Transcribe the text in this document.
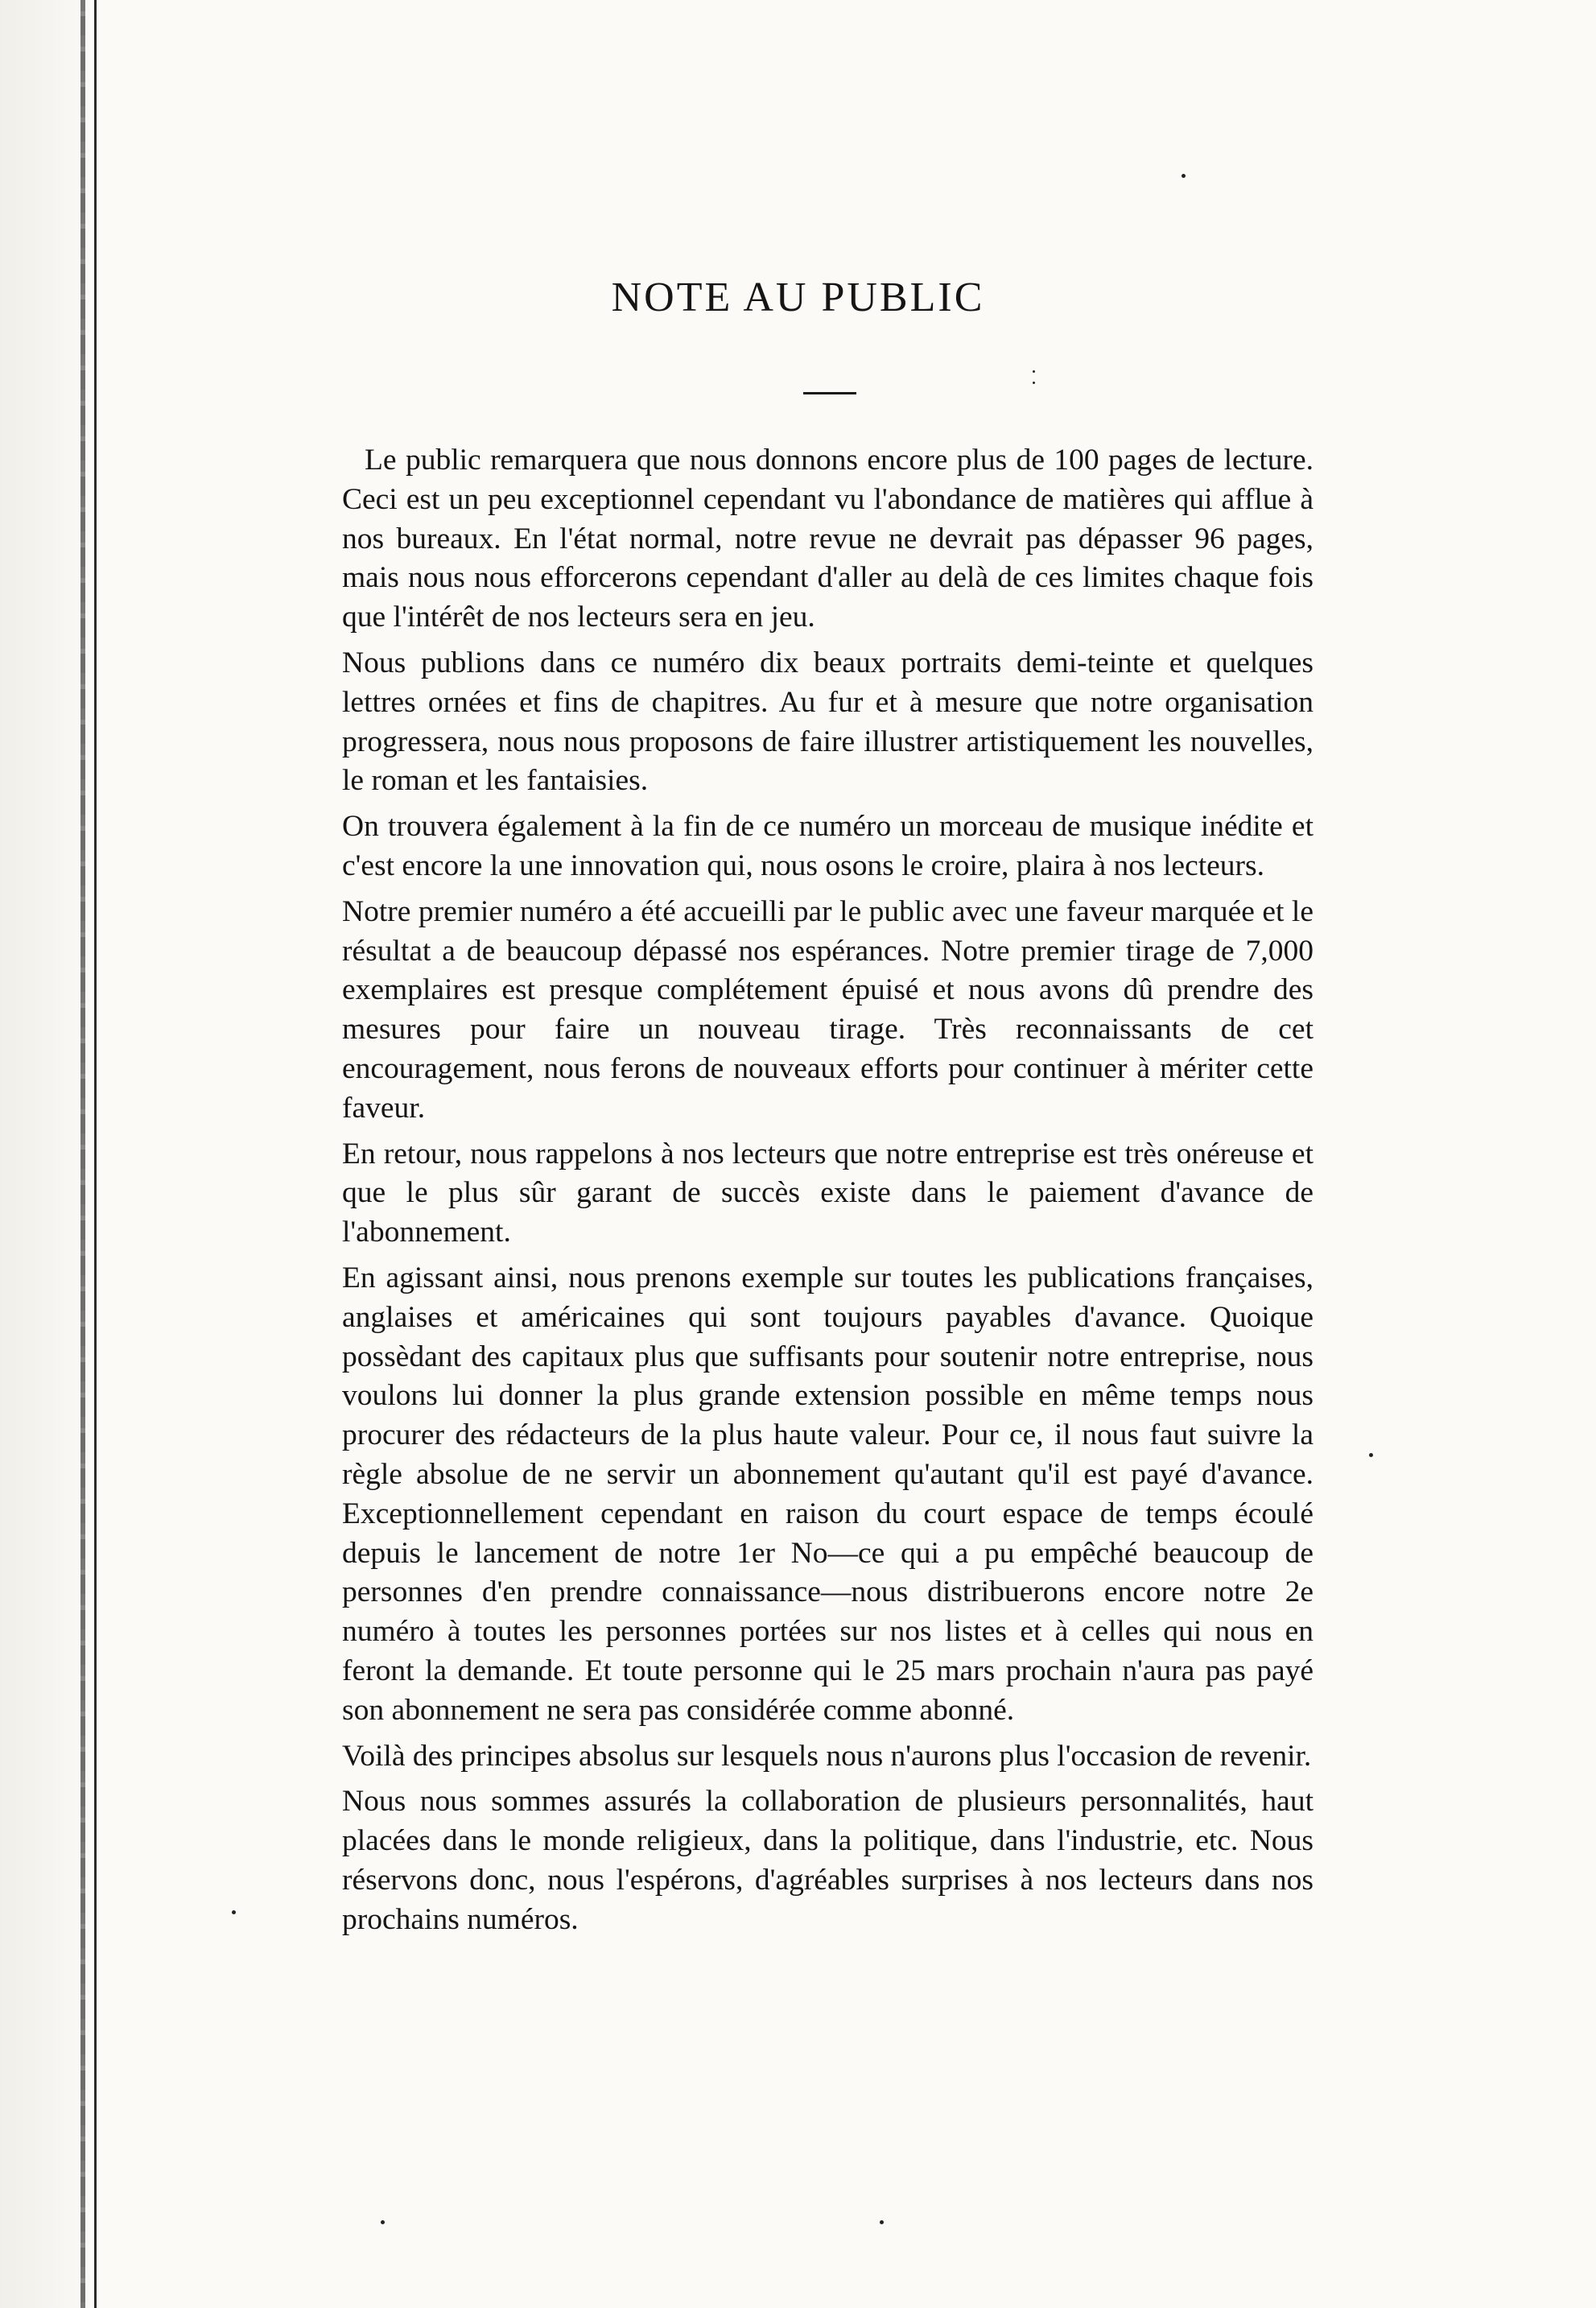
NOTE AU PUBLIC

Le public remarquera que nous donnons encore plus de 100 pages de lecture. Ceci est un peu exceptionnel cependant vu l'abondance de matières qui afflue à nos bureaux. En l'état normal, notre revue ne devrait pas dépasser 96 pages, mais nous nous efforcerons cependant d'aller au delà de ces limites chaque fois que l'intérêt de nos lecteurs sera en jeu.

Nous publions dans ce numéro dix beaux portraits demi-teinte et quelques lettres ornées et fins de chapitres. Au fur et à mesure que notre organisation progressera, nous nous proposons de faire illustrer artistiquement les nouvelles, le roman et les fantaisies.

On trouvera également à la fin de ce numéro un morceau de musique inédite et c'est encore la une innovation qui, nous osons le croire, plaira à nos lecteurs.

Notre premier numéro a été accueilli par le public avec une faveur marquée et le résultat a de beaucoup dépassé nos espérances. Notre premier tirage de 7,000 exemplaires est presque complétement épuisé et nous avons dû prendre des mesures pour faire un nouveau tirage. Très reconnaissants de cet encouragement, nous ferons de nouveaux efforts pour continuer à mériter cette faveur.

En retour, nous rappelons à nos lecteurs que notre entreprise est très onéreuse et que le plus sûr garant de succès existe dans le paiement d'avance de l'abonnement.

En agissant ainsi, nous prenons exemple sur toutes les publications françaises, anglaises et américaines qui sont toujours payables d'avance. Quoique possèdant des capitaux plus que suffisants pour soutenir notre entreprise, nous voulons lui donner la plus grande extension possible en même temps nous procurer des rédacteurs de la plus haute valeur. Pour ce, il nous faut suivre la règle absolue de ne servir un abonnement qu'autant qu'il est payé d'avance. Exceptionnellement cependant en raison du court espace de temps écoulé depuis le lancement de notre 1er No—ce qui a pu empêché beaucoup de personnes d'en prendre connaissance—nous distribuerons encore notre 2e numéro à toutes les personnes portées sur nos listes et à celles qui nous en feront la demande. Et toute personne qui le 25 mars prochain n'aura pas payé son abonnement ne sera pas considérée comme abonné.

Voilà des principes absolus sur lesquels nous n'aurons plus l'occasion de revenir.

Nous nous sommes assurés la collaboration de plusieurs personnalités, haut placées dans le monde religieux, dans la politique, dans l'industrie, etc. Nous réservons donc, nous l'espérons, d'agréables surprises à nos lecteurs dans nos prochains numéros.
